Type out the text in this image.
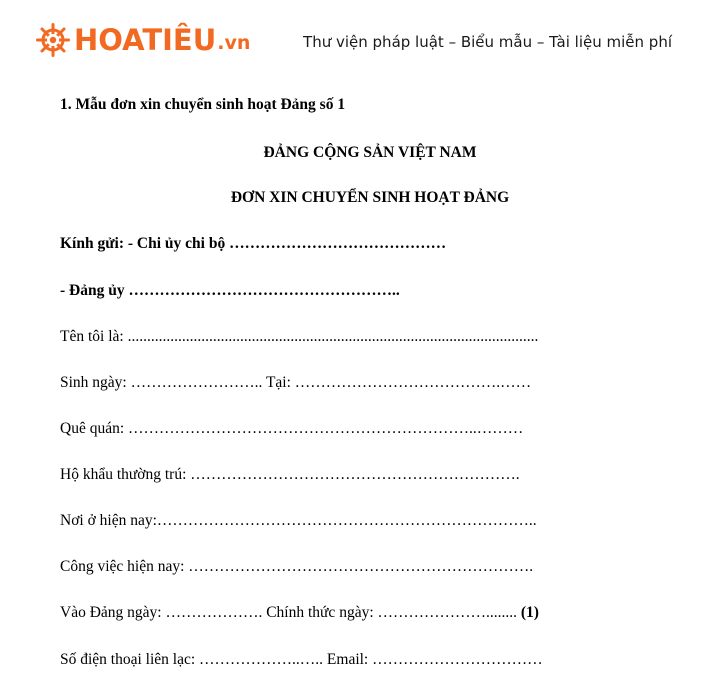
HOATIÊU .vn	Thư viện pháp luật – Biểu mẫu – Tài liệu miễn phí
1. Mẫu đơn xin chuyển sinh hoạt Đảng số 1
ĐẢNG CỘNG SẢN VIỆT NAM
ĐƠN XIN CHUYỂN SINH HOẠT ĐẢNG
Kính gửi: - Chi ủy chi bộ ……………………………………
- Đảng ủy ……………………………………………..
Tên tôi là: ..........................................................................................................
Sinh ngày: …………………….. Tại: ………………………………….……
Quê quán: …………………………………………………………..………
Hộ khẩu thường trú: ……………………………………………………….
Nơi ở hiện nay:………………………………………………………………..
Công việc hiện nay: ………………………………………………………….
Vào Đảng ngày: ………………. Chính thức ngày: …………………........ (1)
Số điện thoại liên lạc: ………………..….. Email: ……………………………
